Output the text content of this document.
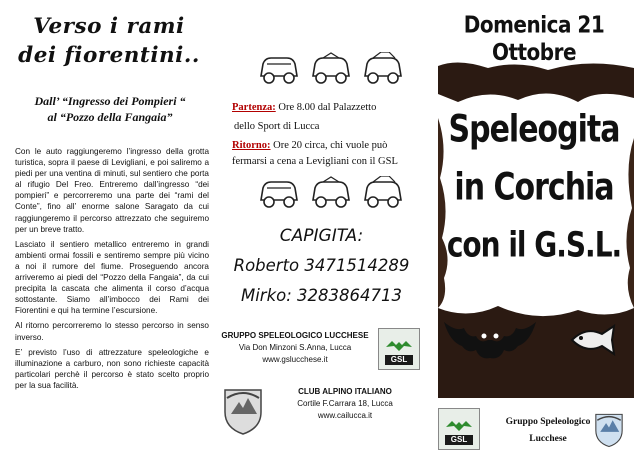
Verso i rami
dei fiorentini..
Dall’ “Ingresso dei Pompieri “
al “Pozzo della Fangaia”

Con le auto raggiungeremo l’ingresso della grotta turistica, sopra il paese di Levigliani, e poi saliremo a piedi per una ventina di minuti, sul sentiero che porta al rifugio Del Freo. Entreremo dall’ingresso “dei pompieri” e percorreremo una parte dei “rami del Conte”, fino all’ enorme salone Saragato da cui raggiungeremo il percorso attrezzato che seguiremo per un breve tratto.

Lasciato il sentiero metallico entreremo in grandi ambienti ormai fossili e sentiremo sempre più vicino a noi il rumore del fiume. Proseguendo ancora arriveremo ai piedi del “Pozzo della Fangaia”, da cui precipita la cascata che alimenta il corso d’acqua sottostante. Siamo all’imbocco dei Rami dei Fiorentini e qui ha termine l’escursione.

Al ritorno percorreremo lo stesso percorso in senso inverso.

E’ previsto l’uso di attrezzature speleologiche e illuminazione a carburo, non sono richieste capacità particolari perchè il percorso è stato scelto proprio per la sua facilità.

Partenza: Ore 8.00 dal Palazzetto
dello Sport di Lucca
Ritorno: Ore 20 circa, chi vuole può
fermarsi a cena a Levigliani con il GSL
CAPIGITA:
Roberto 3471514289
Mirko: 3283864713
GRUPPO SPELEOLOGICO LUCCHESE
Via Don Minzoni S.Anna, Lucca
www.gslucchese.it	GSL
CLUB ALPINO ITALIANO
Cortile F.Carrara 18, Lucca
www.cailucca.it
Domenica 21 Ottobre
Speleogita
in Corchia
con il G.S.L.
GSL
Gruppo Speleologico
Lucchese
